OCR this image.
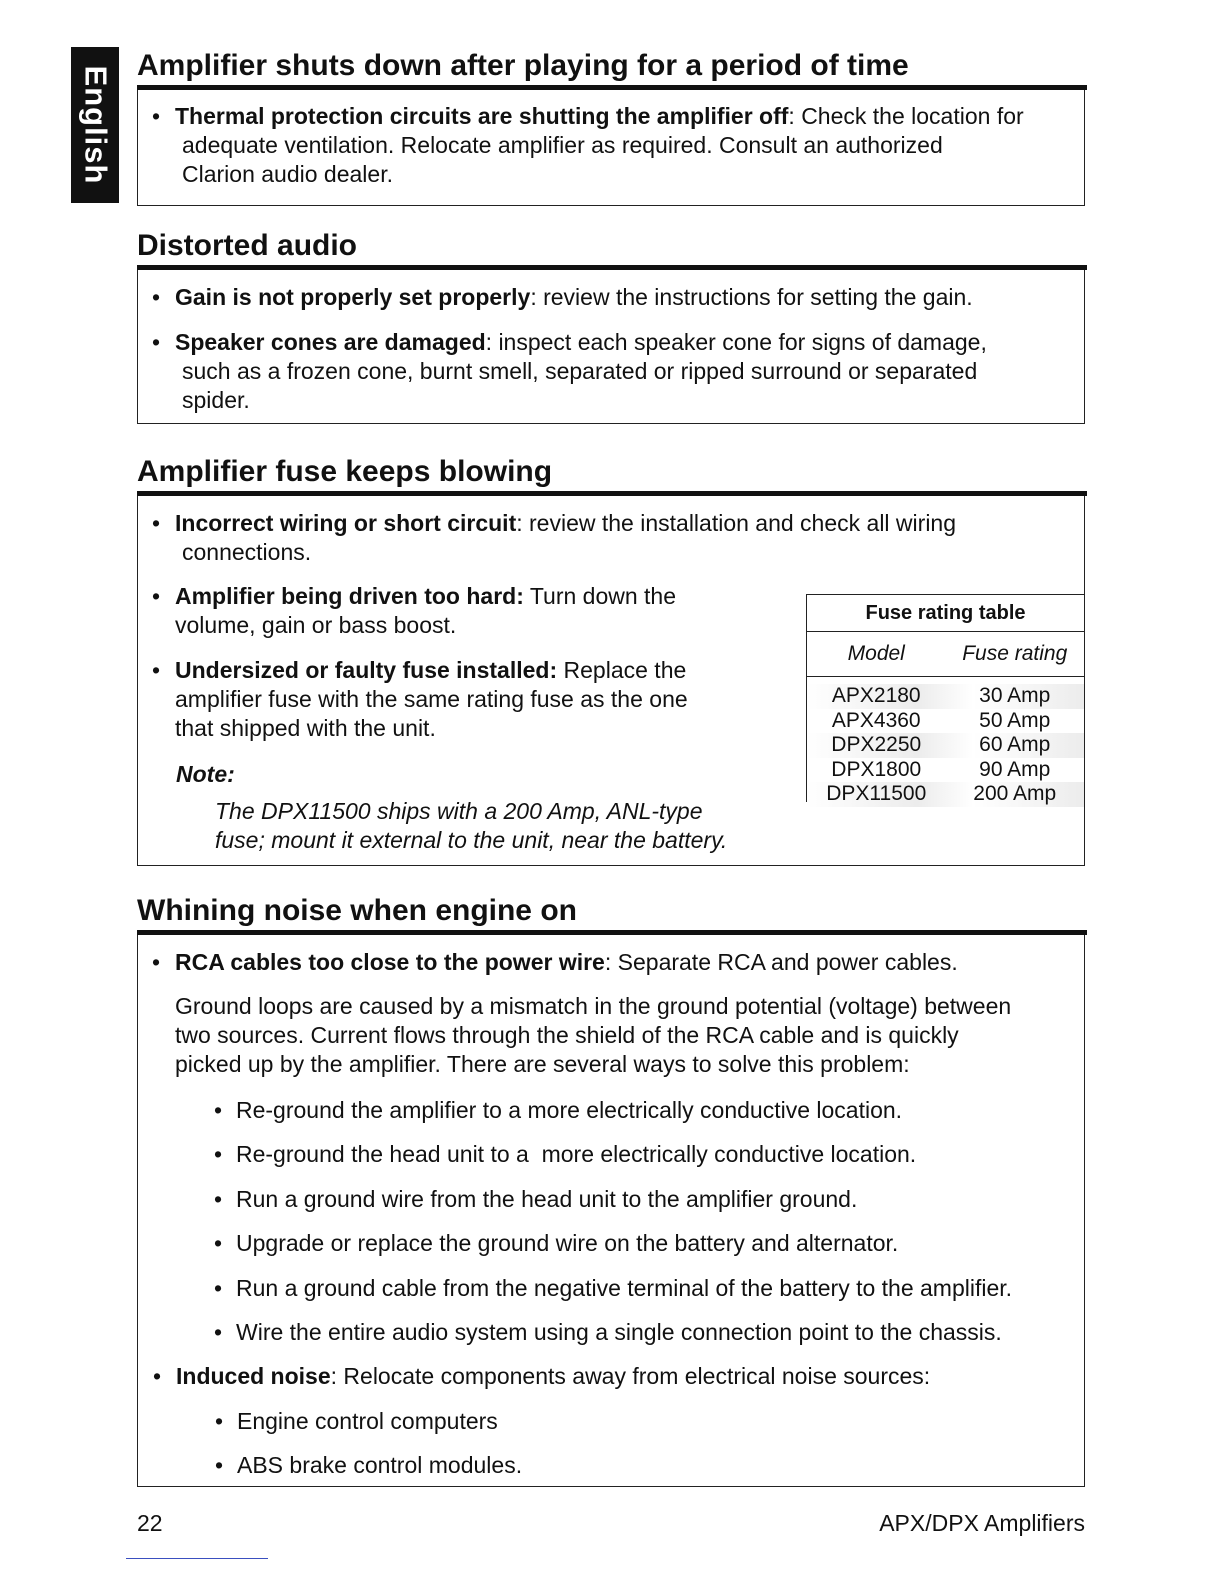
English
Amplifier shuts down after playing for a period of time
• Thermal protection circuits are shutting the amplifier off: Check the location for
adequate ventilation. Relocate amplifier as required. Consult an authorized
Clarion audio dealer.
Distorted audio
• Gain is not properly set properly: review the instructions for setting the gain.
• Speaker cones are damaged: inspect each speaker cone for signs of damage,
such as a frozen cone, burnt smell, separated or ripped surround or separated
spider.
Amplifier fuse keeps blowing
• Incorrect wiring or short circuit: review the installation and check all wiring
connections.
• Amplifier being driven too hard: Turn down the
volume, gain or bass boost.
• Undersized or faulty fuse installed: Replace the
amplifier fuse with the same rating fuse as the one
that shipped with the unit.
Note:
The DPX11500 ships with a 200 Amp, ANL-type
fuse; mount it external to the unit, near the battery.
Fuse rating table
Model	Fuse rating
APX2180	30 Amp
APX4360	50 Amp
DPX2250	60 Amp
DPX1800	90 Amp
DPX11500	200 Amp
Whining noise when engine on
• RCA cables too close to the power wire: Separate RCA and power cables.
Ground loops are caused by a mismatch in the ground potential (voltage) between
two sources. Current flows through the shield of the RCA cable and is quickly
picked up by the amplifier. There are several ways to solve this problem:
• Re-ground the amplifier to a more electrically conductive location.
• Re-ground the head unit to a  more electrically conductive location.
• Run a ground wire from the head unit to the amplifier ground.
• Upgrade or replace the ground wire on the battery and alternator.
• Run a ground cable from the negative terminal of the battery to the amplifier.
• Wire the entire audio system using a single connection point to the chassis.
• Induced noise: Relocate components away from electrical noise sources:
• Engine control computers
• ABS brake control modules.
22	APX/DPX Amplifiers
